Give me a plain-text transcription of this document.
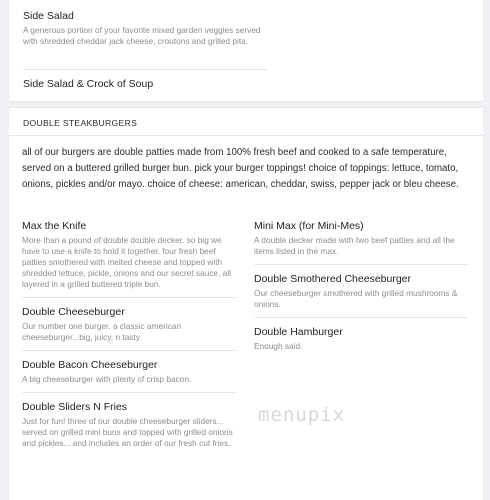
Side Salad
A generous portion of your favorite mixed garden veggies served with shredded cheddar jack cheese, croutons and grilled pita.
Side Salad & Crock of Soup
DOUBLE STEAKBURGERS
all of our burgers are double patties made from 100% fresh beef and cooked to a safe temperature, served on a buttered grilled burger bun. pick your burger toppings! choice of toppings: lettuce, tomato, onions, pickles and/or mayo. choice of cheese: american, cheddar, swiss, pepper jack or bleu cheese.
Max the Knife
More than a pound of double double decker. so big we have to use a knife to hold it together. four fresh beef patties smothered with melted cheese and topped with shredded lettuce, pickle, onions and our secret sauce, all layered in a grilled buttered triple bun.
Double Cheeseburger
Our number one burger. a classic american cheeseburger...big, juicy, n tasty.
Double Bacon Cheeseburger
A big cheeseburger with plenty of crisp bacon.
Double Sliders N Fries
Just for fun! three of our double cheeseburger sliders... served on grilled mini buns and topped with grilled onions and pickles... and includes an order of our fresh cut fries.
Mini Max (for Mini-Mes)
A double decker made with two beef patties and all the items listed in the max.
Double Smothered Cheeseburger
Our cheeseburger smothered with grilled mushrooms & onions.
Double Hamburger
Enough said.
menupix
